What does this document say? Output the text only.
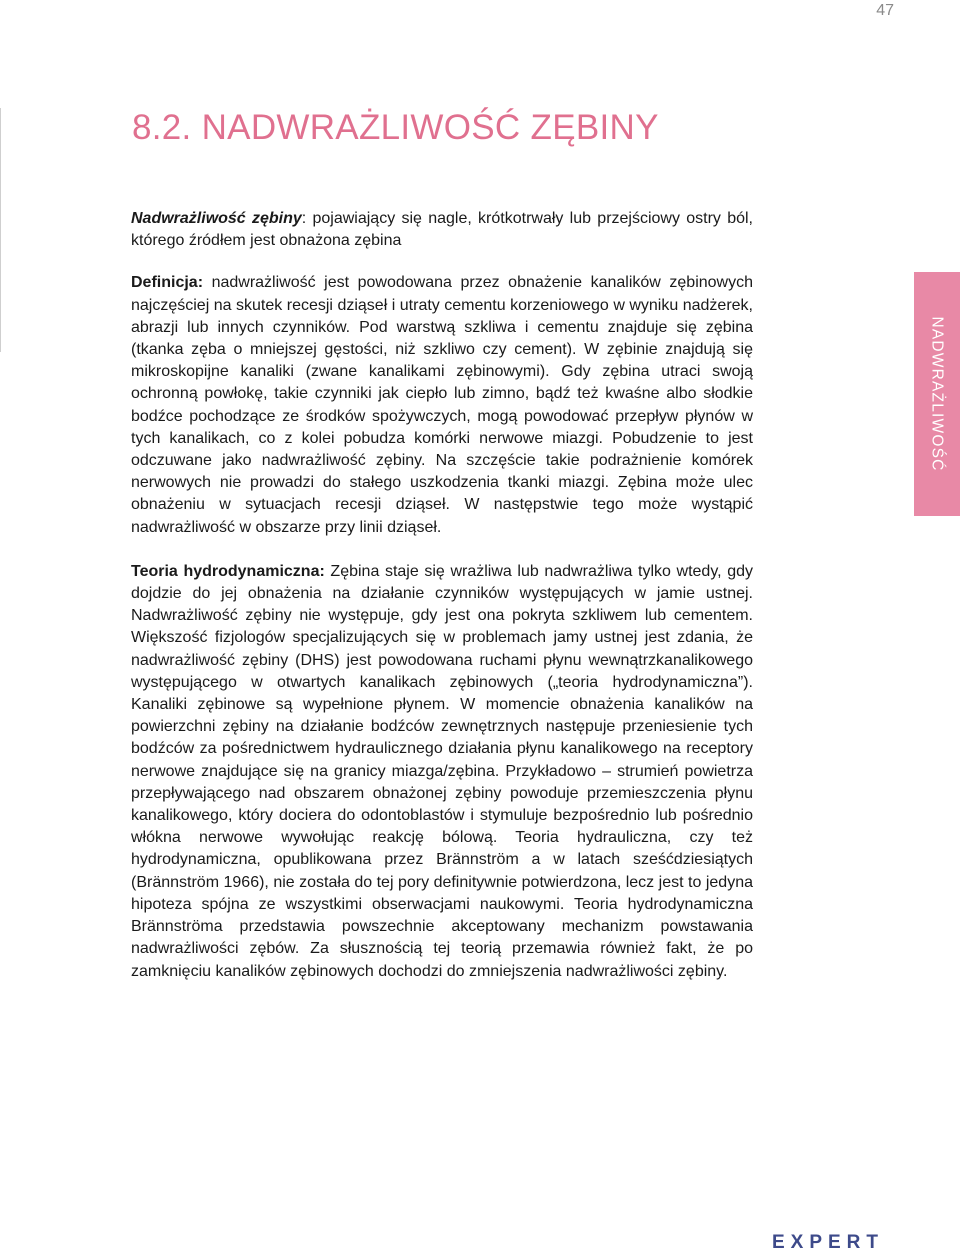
47
8.2. NADWRAŻLIWOŚĆ ZĘBINY

Nadwrażliwość zębiny: pojawiający się nagle, krótkotrwały lub przejściowy ostry ból, którego źródłem jest obnażona zębina

Definicja: nadwrażliwość jest powodowana przez obnażenie kanalików zębinowych najczęściej na skutek recesji dziąseł i utraty cementu korzeniowego w wyniku nadżerek, abrazji lub innych czynników. Pod warstwą szkliwa i cementu znajduje się zębina (tkanka zęba o mniejszej gęstości, niż szkliwo czy cement). W zębinie znajdują się mikroskopijne kanaliki (zwane kanalikami zębinowymi). Gdy zębina utraci swoją ochronną powłokę, takie czynniki jak ciepło lub zimno, bądź też kwaśne albo słodkie bodźce pochodzące ze środków spożywczych, mogą powodować przepływ płynów w tych kanalikach, co z kolei pobudza komórki nerwowe miazgi. Pobudzenie to jest odczuwane jako nadwrażliwość zębiny. Na szczęście takie podrażnienie komórek nerwowych nie prowadzi do stałego uszkodzenia tkanki miazgi. Zębina może ulec obnażeniu w sytuacjach recesji dziąseł. W następstwie tego może wystąpić nadwrażliwość w obszarze przy linii dziąseł.

Teoria hydrodynamiczna: Zębina staje się wrażliwa lub nadwrażliwa tylko wtedy, gdy dojdzie do jej obnażenia na działanie czynników występujących w jamie ustnej. Nadwrażliwość zębiny nie występuje, gdy jest ona pokryta szkliwem lub cementem. Większość fizjologów specjalizujących się w problemach jamy ustnej jest zdania, że nadwrażliwość zębiny (DHS) jest powodowana ruchami płynu wewnątrzkanalikowego występującego w otwartych kanalikach zębinowych („teoria hydrodynamiczna”). Kanaliki zębinowe są wypełnione płynem. W momencie obnażenia kanalików na powierzchni zębiny na działanie bodźców zewnętrznych następuje przeniesienie tych bodźców za pośrednictwem hydraulicznego działania płynu kanalikowego na receptory nerwowe znajdujące się na granicy miazga/zębina. Przykładowo – strumień powietrza przepływającego nad obszarem obnażonej zębiny powoduje przemieszczenia płynu kanalikowego, który dociera do odontoblastów i stymuluje bezpośrednio lub pośrednio włókna nerwowe wywołując reakcję bólową. Teoria hydrauliczna, czy też hydrodynamiczna, opublikowana przez Brännström a w latach sześćdziesiątych (Brännström 1966), nie została do tej pory definitywnie potwierdzona, lecz jest to jedyna hipoteza spójna ze wszystkimi obserwacjami naukowymi. Teoria hydrodynamiczna Brännströma przedstawia powszechnie akceptowany mechanizm powstawania nadwrażliwości zębów. Za słusznością tej teorią przemawia również fakt, że po zamknięciu kanalików zębinowych dochodzi do zmniejszenia nadwrażliwości zębiny.

NADWRAŻLIWOŚĆ
EXPERT
